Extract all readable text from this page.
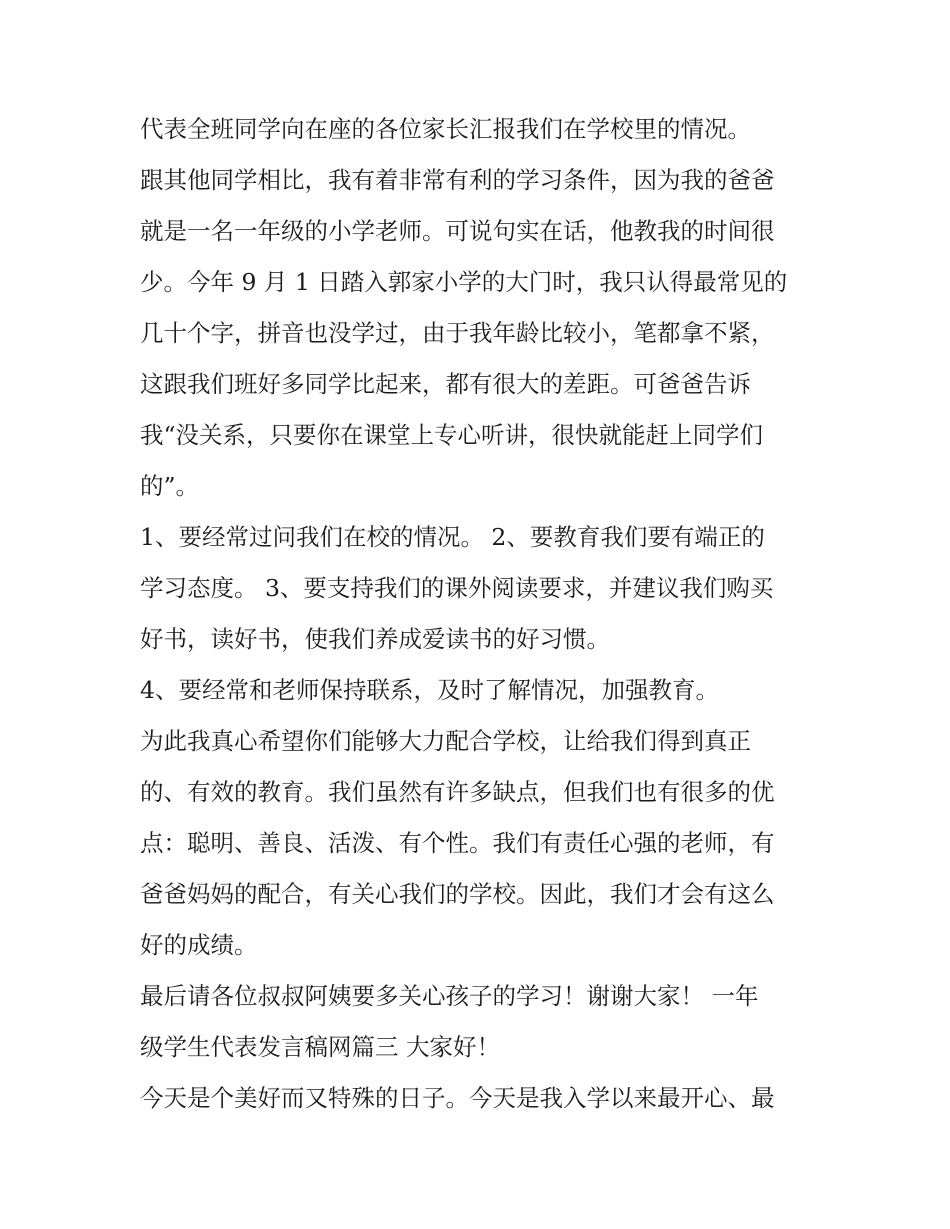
代表全班同学向在座的各位家长汇报我们在学校里的情况。
跟其他同学相比，我有着非常有利的学习条件，因为我的爸爸
就是一名一年级的小学老师。可说句实在话，他教我的时间很
少。今年 9 月 1 日踏入郭家小学的大门时，我只认得最常见的
几十个字，拼音也没学过，由于我年龄比较小，笔都拿不紧，
这跟我们班好多同学比起来，都有很大的差距。可爸爸告诉
我“没关系，只要你在课堂上专心听讲，很快就能赶上同学们
的”。
1、要经常过问我们在校的情况。 2、要教育我们要有端正的
学习态度。 3、要支持我们的课外阅读要求，并建议我们购买
好书，读好书，使我们养成爱读书的好习惯。
4、要经常和老师保持联系，及时了解情况，加强教育。
为此我真心希望你们能够大力配合学校，让给我们得到真正
的、有效的教育。我们虽然有许多缺点，但我们也有很多的优
点：聪明、善良、活泼、有个性。我们有责任心强的老师，有
爸爸妈妈的配合，有关心我们的学校。因此，我们才会有这么
好的成绩。
最后请各位叔叔阿姨要多关心孩子的学习！谢谢大家！ 一年
级学生代表发言稿网篇三 大家好！
今天是个美好而又特殊的日子。今天是我入学以来最开心、最
